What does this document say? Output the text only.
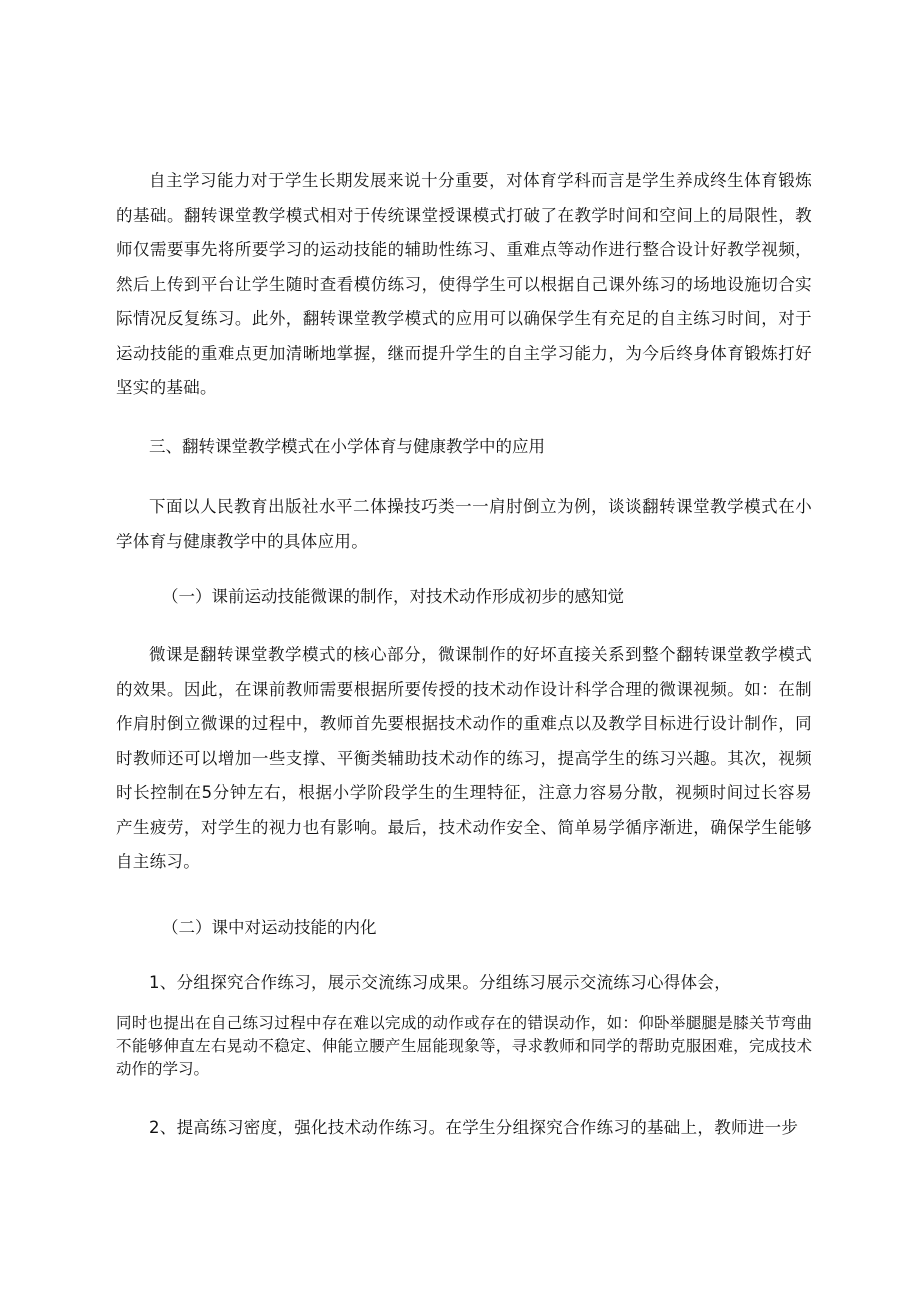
自主学习能力对于学生长期发展来说十分重要，对体育学科而言是学生养成终生体育锻炼的基础。翻转课堂教学模式相对于传统课堂授课模式打破了在教学时间和空间上的局限性，教师仅需要事先将所要学习的运动技能的辅助性练习、重难点等动作进行整合设计好教学视频，然后上传到平台让学生随时查看模仿练习，使得学生可以根据自己课外练习的场地设施切合实际情况反复练习。此外，翻转课堂教学模式的应用可以确保学生有充足的自主练习时间，对于运动技能的重难点更加清晰地掌握，继而提升学生的自主学习能力，为今后终身体育锻炼打好坚实的基础。

三、翻转课堂教学模式在小学体育与健康教学中的应用

下面以人民教育出版社水平二体操技巧类一一肩肘倒立为例，谈谈翻转课堂教学模式在小学体育与健康教学中的具体应用。

（一）课前运动技能微课的制作，对技术动作形成初步的感知觉

微课是翻转课堂教学模式的核心部分，微课制作的好坏直接关系到整个翻转课堂教学模式的效果。因此，在课前教师需要根据所要传授的技术动作设计科学合理的微课视频。如：在制作肩肘倒立微课的过程中，教师首先要根据技术动作的重难点以及教学目标进行设计制作，同时教师还可以增加一些支撑、平衡类辅助技术动作的练习，提高学生的练习兴趣。其次，视频时长控制在5分钟左右，根据小学阶段学生的生理特征，注意力容易分散，视频时间过长容易产生疲劳，对学生的视力也有影响。最后，技术动作安全、简单易学循序渐进，确保学生能够自主练习。

（二）课中对运动技能的内化

1、分组探究合作练习，展示交流练习成果。分组练习展示交流练习心得体会，

同时也提出在自己练习过程中存在难以完成的动作或存在的错误动作，如：仰卧举腿腿是膝关节弯曲不能够伸直左右晃动不稳定、伸能立腰产生屈能现象等，寻求教师和同学的帮助克服困难，完成技术动作的学习。

2、提高练习密度，强化技术动作练习。在学生分组探究合作练习的基础上，教师进一步
